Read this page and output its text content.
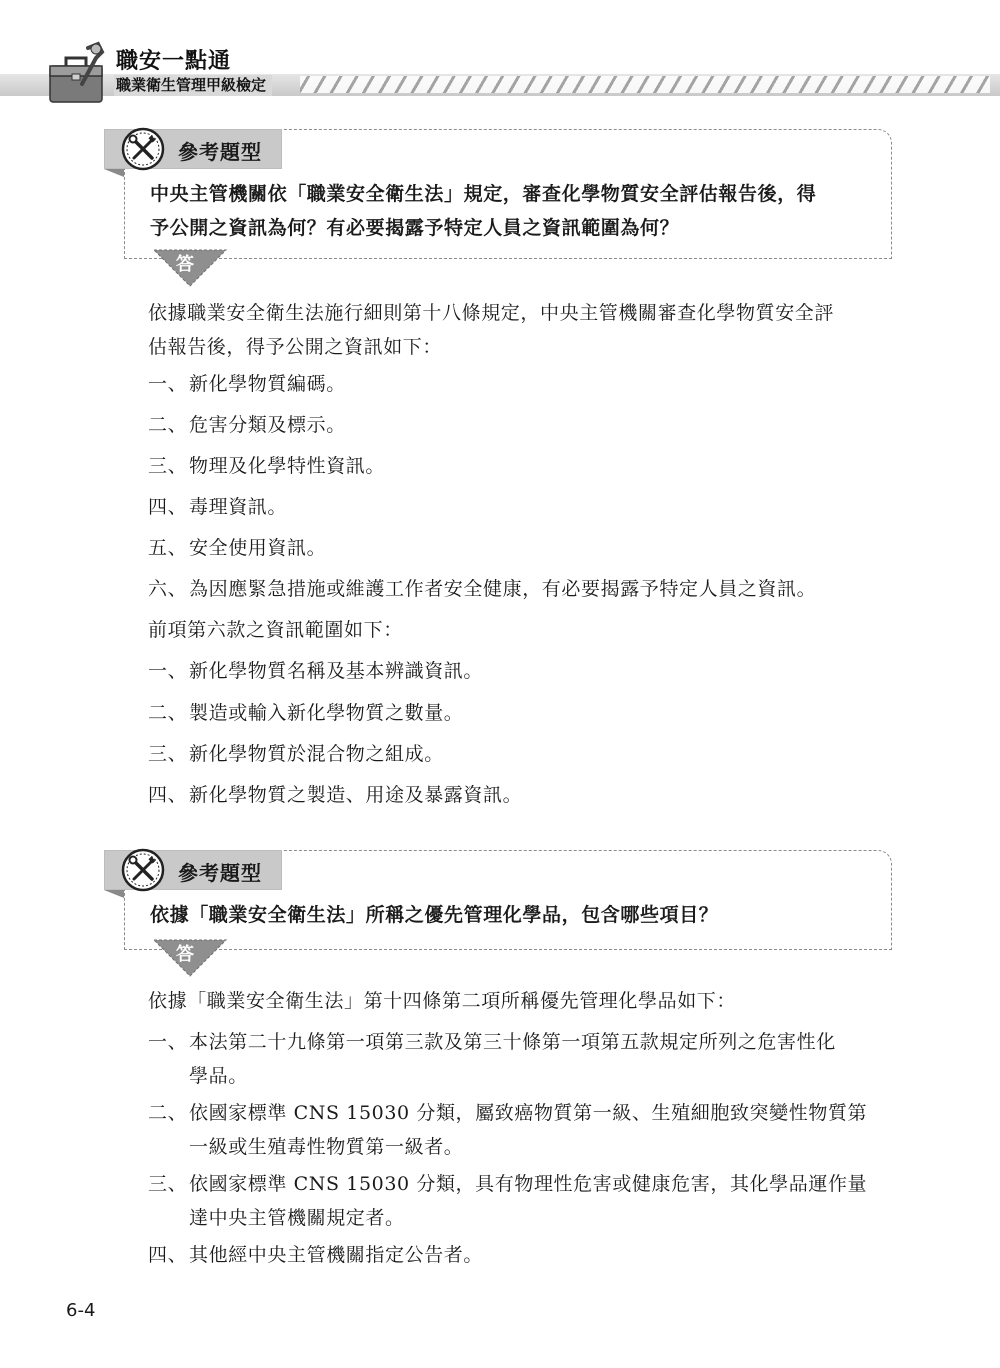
職安一點通
職業衛生管理甲級檢定
參考題型
中央主管機關依「職業安全衛生法」規定，審查化學物質安全評估報告後，得
予公開之資訊為何？有必要揭露予特定人員之資訊範圍為何？
答
依據職業安全衛生法施行細則第十八條規定，中央主管機關審查化學物質安全評
估報告後，得予公開之資訊如下：
一、 新化學物質編碼。
二、 危害分類及標示。
三、 物理及化學特性資訊。
四、 毒理資訊。
五、 安全使用資訊。
六、 為因應緊急措施或維護工作者安全健康，有必要揭露予特定人員之資訊。
前項第六款之資訊範圍如下：
一、 新化學物質名稱及基本辨識資訊。
二、 製造或輸入新化學物質之數量。
三、 新化學物質於混合物之組成。
四、 新化學物質之製造、用途及暴露資訊。
參考題型
依據「職業安全衛生法」所稱之優先管理化學品，包含哪些項目？
答
依據「職業安全衛生法」第十四條第二項所稱優先管理化學品如下：
一、 本法第二十九條第一項第三款及第三十條第一項第五款規定所列之危害性化
學品。
二、 依國家標準 CNS 15030 分類，屬致癌物質第一級、生殖細胞致突變性物質第
一級或生殖毒性物質第一級者。
三、 依國家標準 CNS 15030 分類，具有物理性危害或健康危害，其化學品運作量
達中央主管機關規定者。
四、 其他經中央主管機關指定公告者。
6-4
